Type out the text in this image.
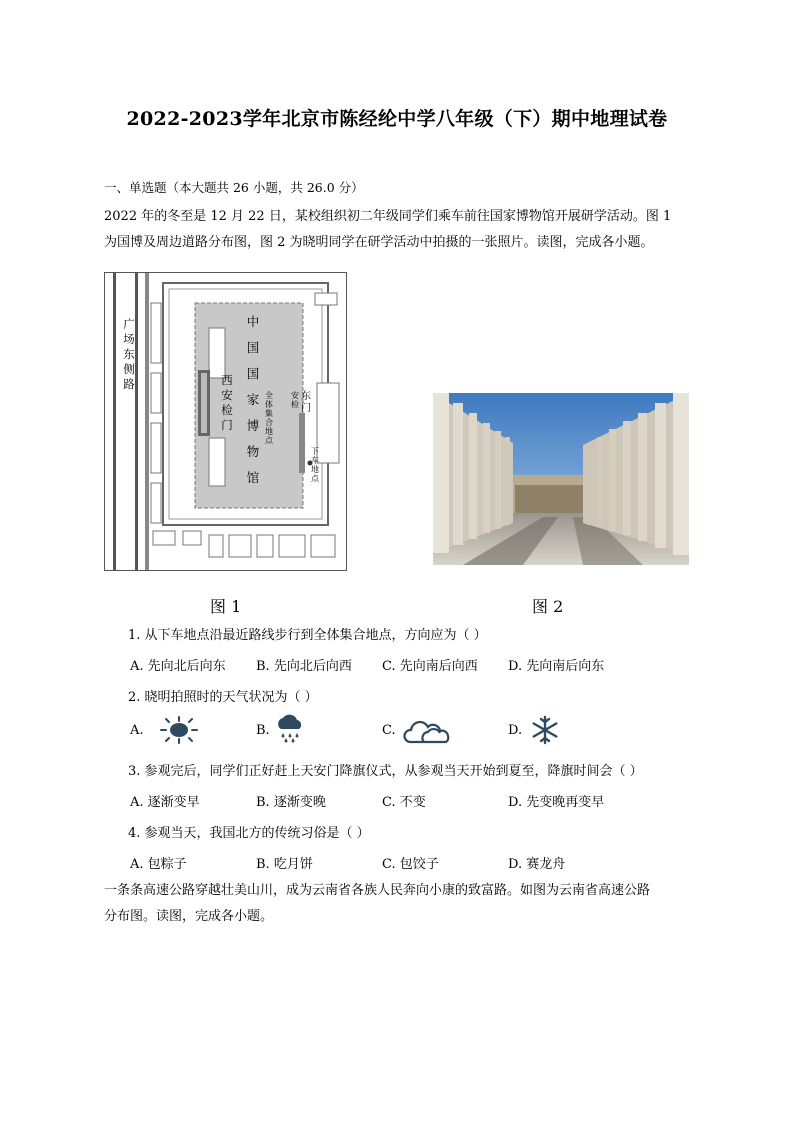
2022-2023学年北京市陈经纶中学八年级（下）期中地理试卷
一、单选题（本大题共 26 小题，共 26.0 分）
2022 年的冬至是 12 月 22 日，某校组织初二年级同学们乘车前往国家博物馆开展研学活动。图 1
为国博及周边道路分布图，图 2 为晓明同学在研学活动中拍摄的一张照片。读图，完成各小题。
广场东侧路
中国国家博物馆
西安检门
全体集合地点
安检
东门
下车地点
图 1	图 2
1. 从下车地点沿最近路线步行到全体集合地点，方向应为（ ）
A. 先向北后向东 B. 先向北后向西 C. 先向南后向西 D. 先向南后向东
2. 晓明拍照时的天气状况为（ ）
A.	B.	C.	D.
3. 参观完后，同学们正好赶上天安门降旗仪式，从参观当天开始到夏至，降旗时间会（ ）
A. 逐渐变早	B. 逐渐变晚	C. 不变	D. 先变晚再变早
4. 参观当天，我国北方的传统习俗是（ ）
A. 包粽子	B. 吃月饼	C. 包饺子	D. 赛龙舟
一条条高速公路穿越壮美山川，成为云南省各族人民奔向小康的致富路。如图为云南省高速公路
分布图。读图，完成各小题。
